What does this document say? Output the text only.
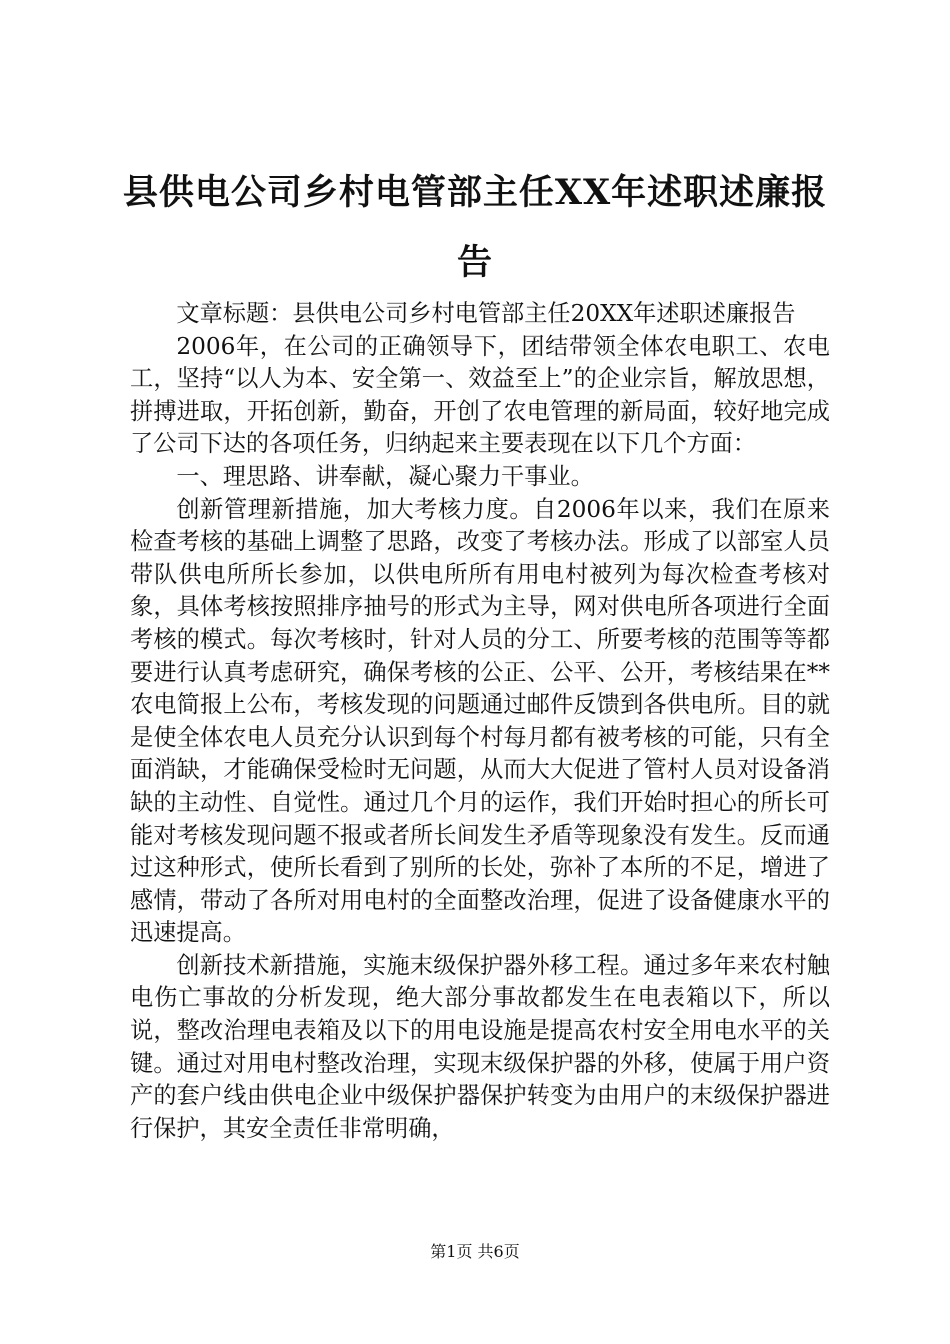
县供电公司乡村电管部主任XX年述职述廉报告

文章标题：县供电公司乡村电管部主任20XX年述职述廉报告

2006年，在公司的正确领导下，团结带领全体农电职工、农电工，坚持“以人为本、安全第一、效益至上”的企业宗旨，解放思想，拼搏进取，开拓创新，勤奋，开创了农电管理的新局面，较好地完成了公司下达的各项任务，归纳起来主要表现在以下几个方面：

一、理思路、讲奉献，凝心聚力干事业。

创新管理新措施，加大考核力度。自2006年以来，我们在原来检查考核的基础上调整了思路，改变了考核办法。形成了以部室人员带队供电所所长参加，以供电所所有用电村被列为每次检查考核对象，具体考核按照排序抽号的形式为主导，网对供电所各项进行全面考核的模式。每次考核时，针对人员的分工、所要考核的范围等等都要进行认真考虑研究，确保考核的公正、公平、公开，考核结果在**农电简报上公布，考核发现的问题通过邮件反馈到各供电所。目的就是使全体农电人员充分认识到每个村每月都有被考核的可能，只有全面消缺，才能确保受检时无问题，从而大大促进了管村人员对设备消缺的主动性、自觉性。通过几个月的运作，我们开始时担心的所长可能对考核发现问题不报或者所长间发生矛盾等现象没有发生。反而通过这种形式，使所长看到了别所的长处，弥补了本所的不足，增进了感情，带动了各所对用电村的全面整改治理，促进了设备健康水平的迅速提高。

创新技术新措施，实施末级保护器外移工程。通过多年来农村触电伤亡事故的分析发现，绝大部分事故都发生在电表箱以下，所以说，整改治理电表箱及以下的用电设施是提高农村安全用电水平的关键。通过对用电村整改治理，实现末级保护器的外移，使属于用户资产的套户线由供电企业中级保护器保护转变为由用户的末级保护器进行保护，其安全责任非常明确，

第1页 共6页
